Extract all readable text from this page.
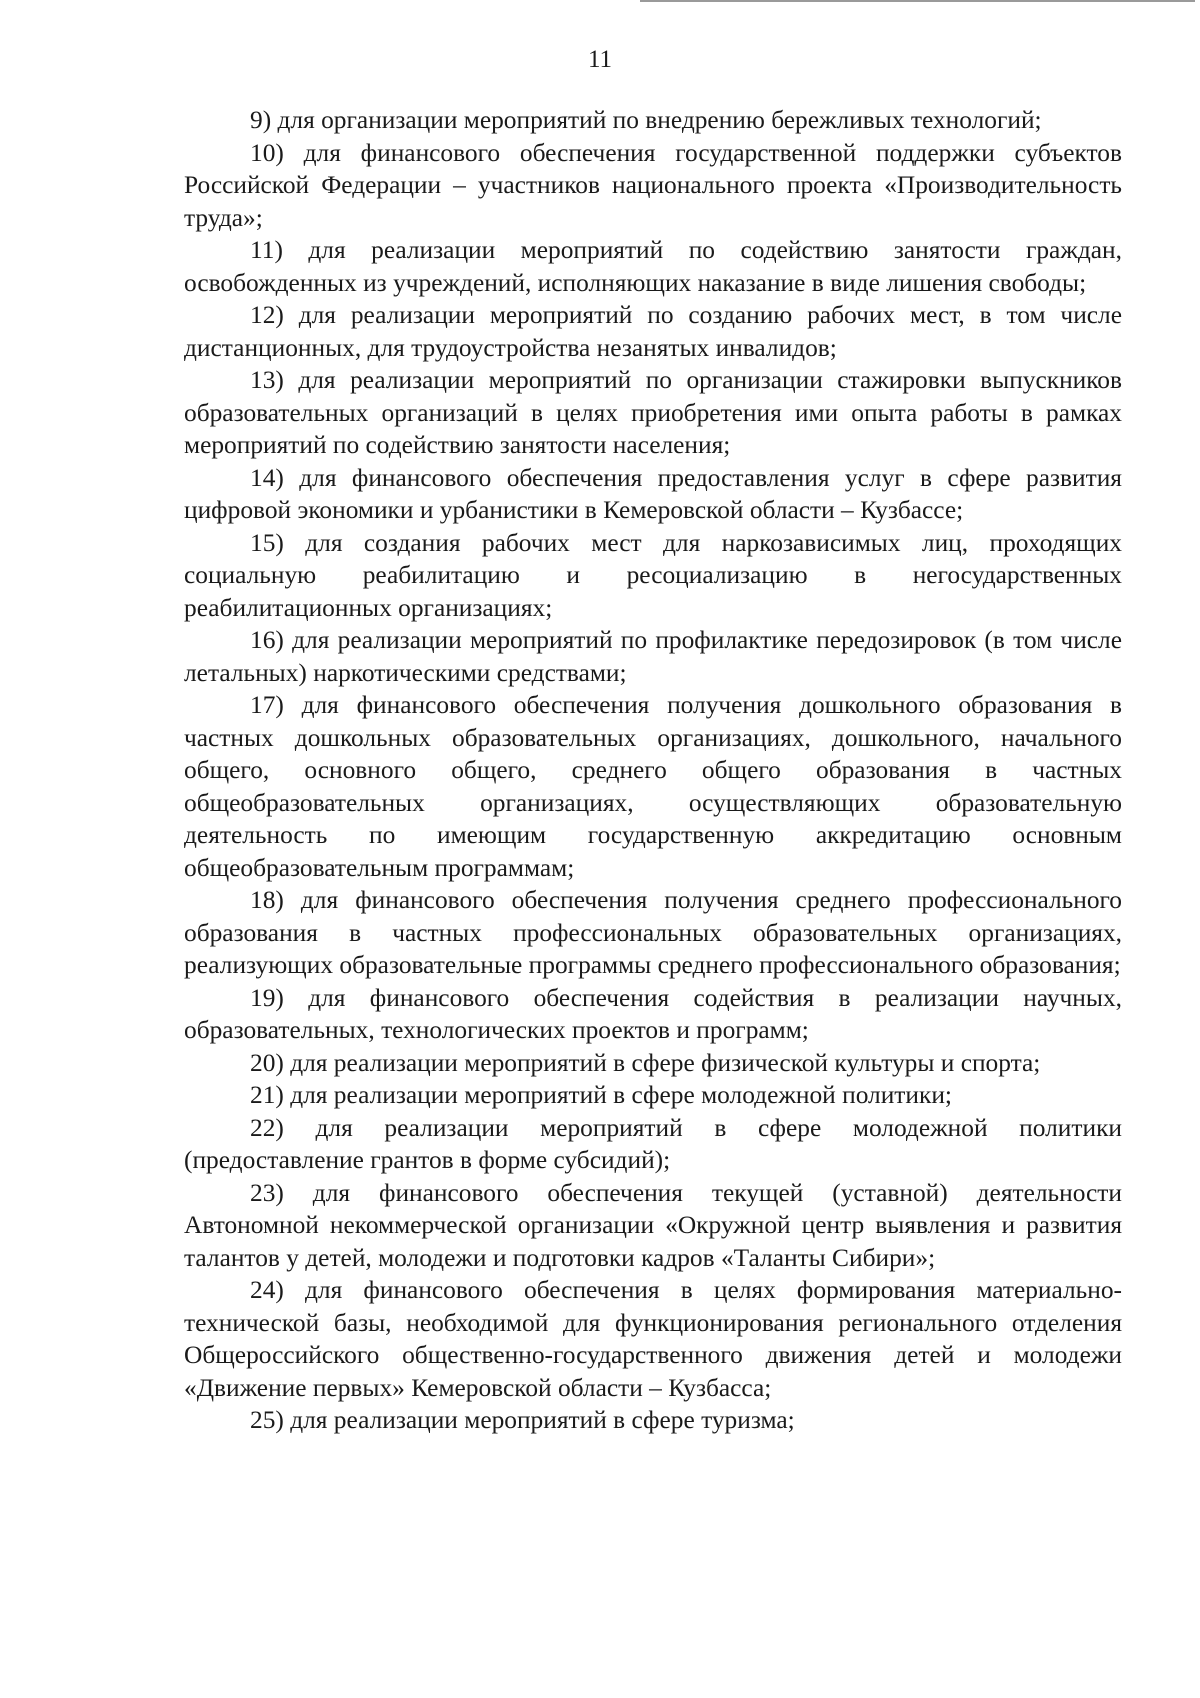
11

9) для организации мероприятий по внедрению бережливых технологий;

10) для финансового обеспечения государственной поддержки субъектов Российской Федерации – участников национального проекта «Производительность труда»;

11) для реализации мероприятий по содействию занятости граждан, освобожденных из учреждений, исполняющих наказание в виде лишения свободы;

12) для реализации мероприятий по созданию рабочих мест, в том числе дистанционных, для трудоустройства незанятых инвалидов;

13) для реализации мероприятий по организации стажировки выпускников образовательных организаций в целях приобретения ими опыта работы в рамках мероприятий по содействию занятости населения;

14) для финансового обеспечения предоставления услуг в сфере развития цифровой экономики и урбанистики в Кемеровской области – Кузбассе;

15) для создания рабочих мест для наркозависимых лиц, проходящих социальную реабилитацию и ресоциализацию в негосударственных реабилитационных организациях;

16) для реализации мероприятий по профилактике передозировок (в том числе летальных) наркотическими средствами;

17) для финансового обеспечения получения дошкольного образования в частных дошкольных образовательных организациях, дошкольного, начального общего, основного общего, среднего общего образования в частных общеобразовательных организациях, осуществляющих образовательную деятельность по имеющим государственную аккредитацию основным общеобразовательным программам;

18) для финансового обеспечения получения среднего профессионального образования в частных профессиональных образовательных организациях, реализующих образовательные программы среднего профессионального образования;

19) для финансового обеспечения содействия в реализации научных, образовательных, технологических проектов и программ;

20) для реализации мероприятий в сфере физической культуры и спорта;

21) для реализации мероприятий в сфере молодежной политики;

22) для реализации мероприятий в сфере молодежной политики (предоставление грантов в форме субсидий);

23) для финансового обеспечения текущей (уставной) деятельности Автономной некоммерческой организации «Окружной центр выявления и развития талантов у детей, молодежи и подготовки кадров «Таланты Сибири»;

24) для финансового обеспечения в целях формирования материально-технической базы, необходимой для функционирования регионального отделения Общероссийского общественно-государственного движения детей и молодежи «Движение первых» Кемеровской области – Кузбасса;

25) для реализации мероприятий в сфере туризма;
